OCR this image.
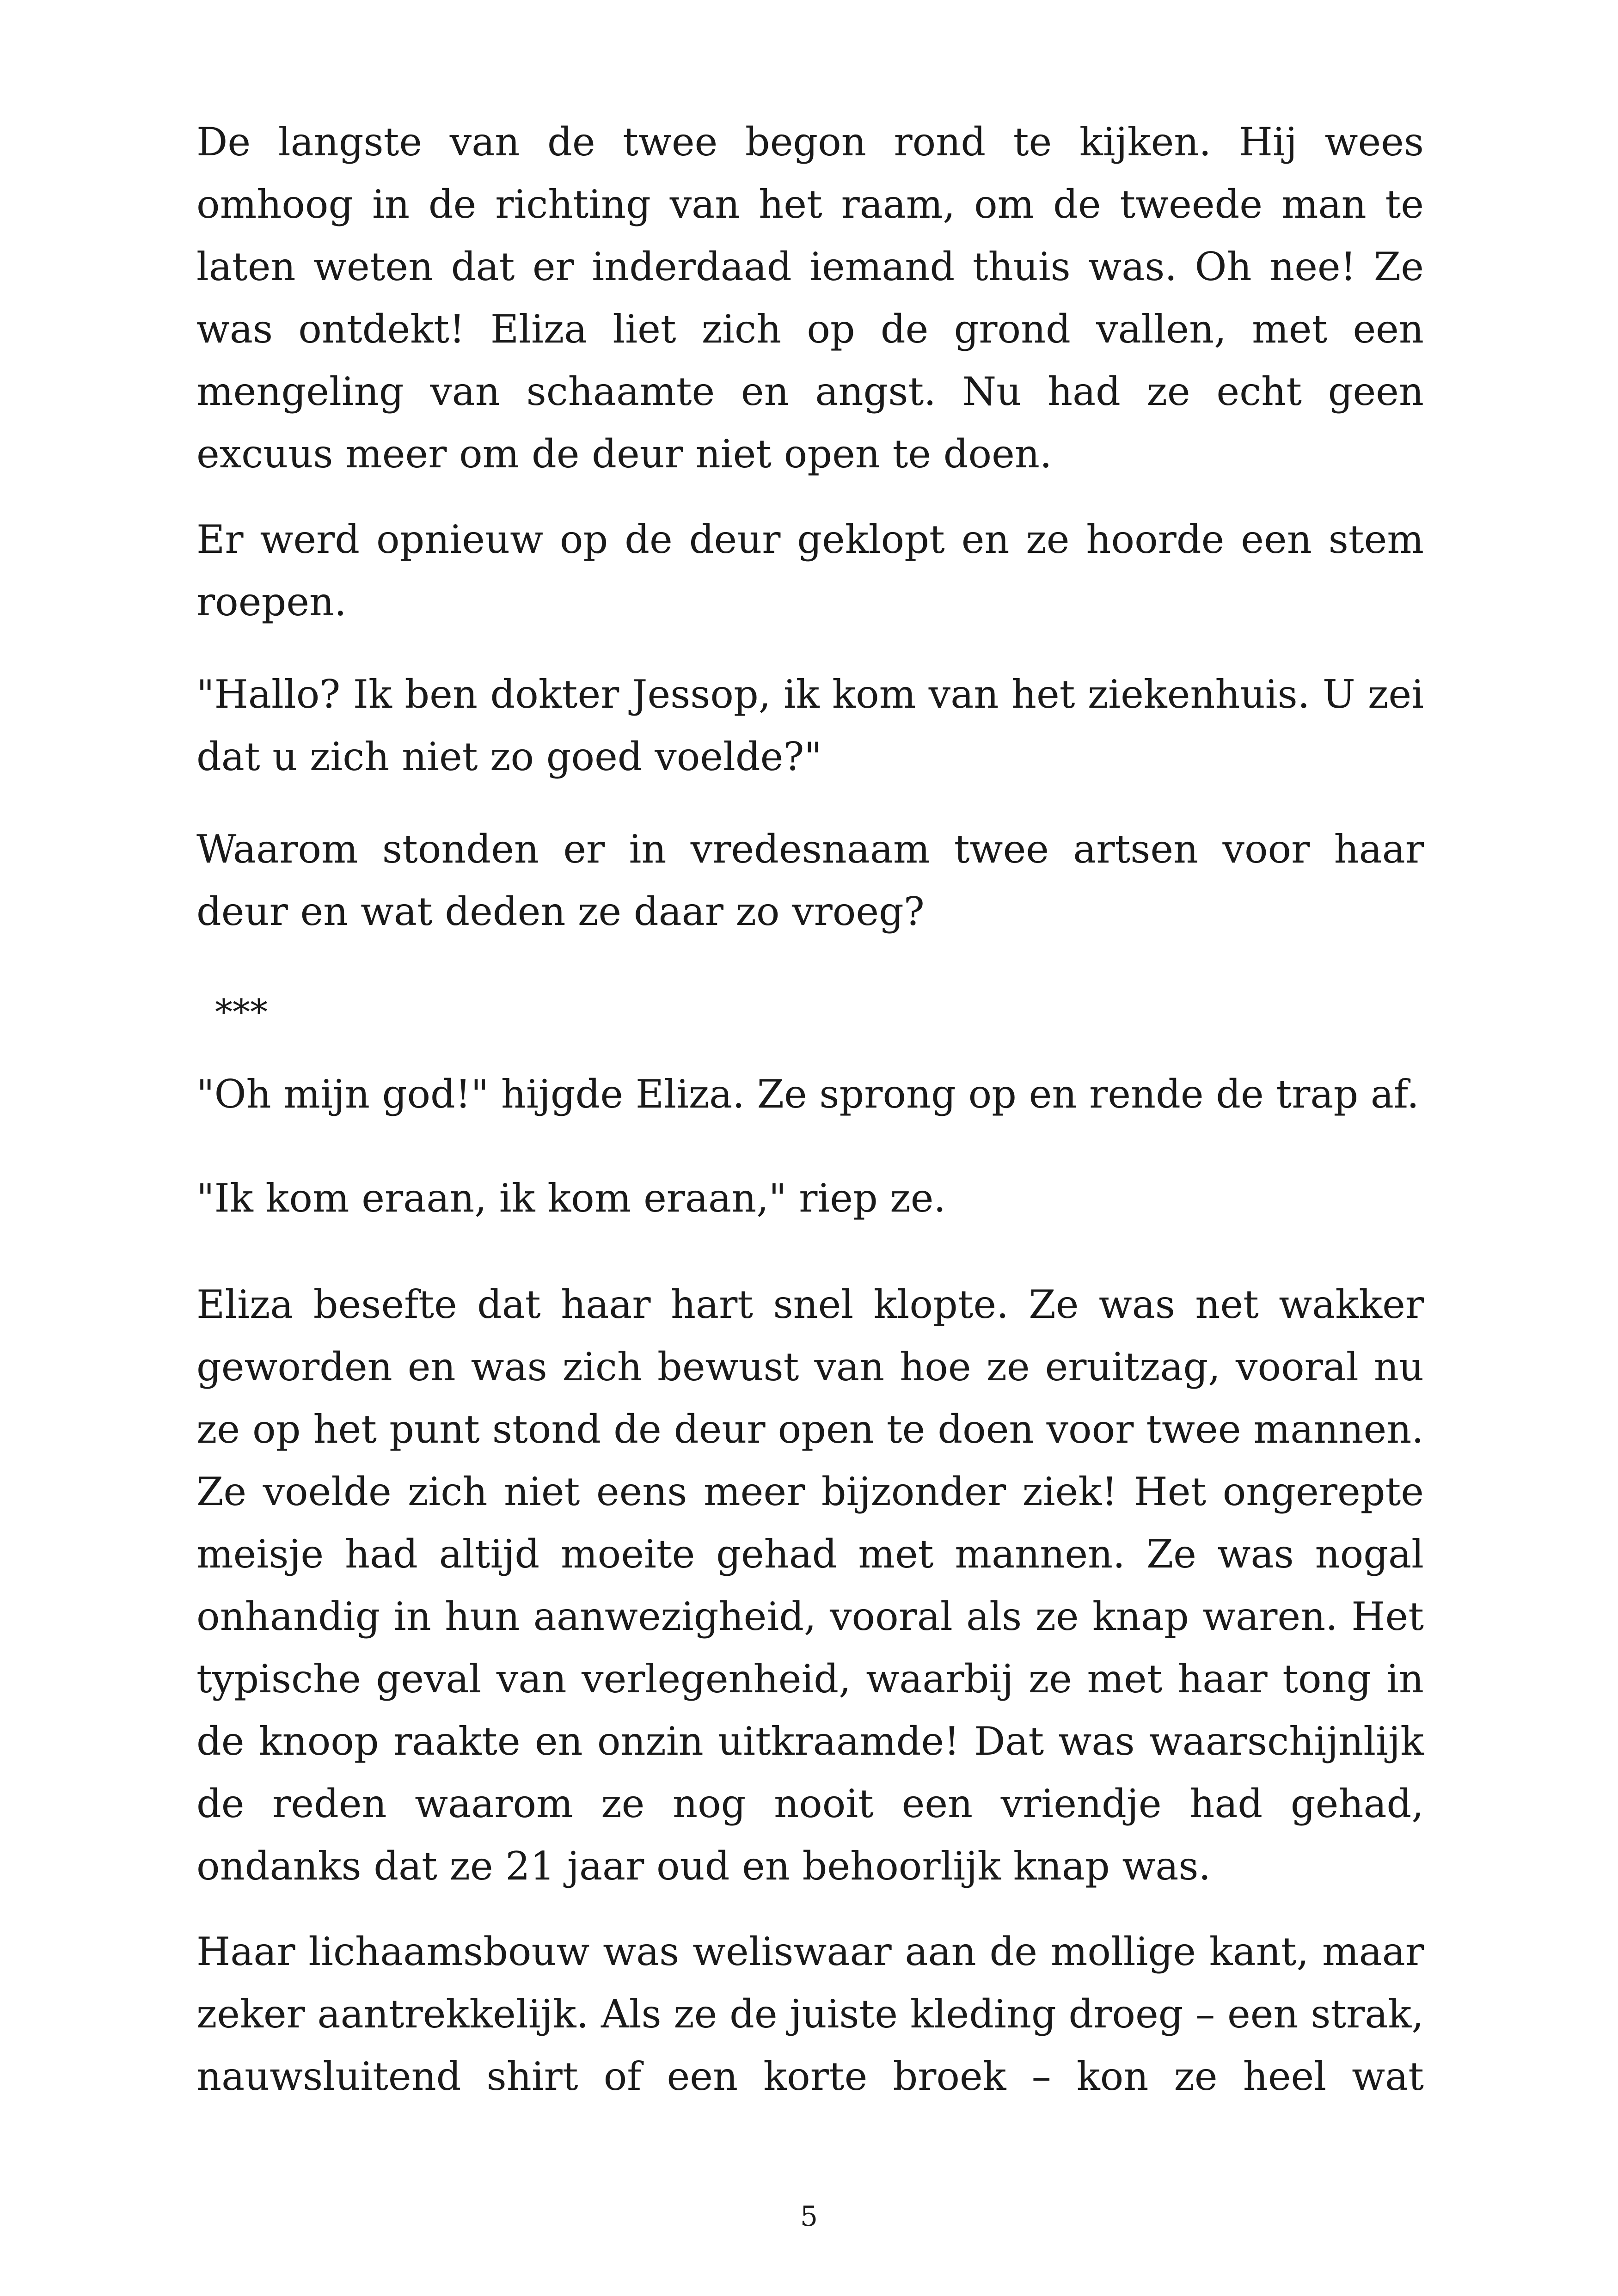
De langste van de twee begon rond te kijken. Hij wees omhoog in de richting van het raam, om de tweede man te laten weten dat er inderdaad iemand thuis was. Oh nee! Ze was ontdekt! Eliza liet zich op de grond vallen, met een mengeling van schaamte en angst. Nu had ze echt geen excuus meer om de deur niet open te doen.

Er werd opnieuw op de deur geklopt en ze hoorde een stem roepen.

"Hallo? Ik ben dokter Jessop, ik kom van het ziekenhuis. U zei dat u zich niet zo goed voelde?"

Waarom stonden er in vredesnaam twee artsen voor haar deur en wat deden ze daar zo vroeg?

***

"Oh mijn god!" hijgde Eliza. Ze sprong op en rende de trap af.

"Ik kom eraan, ik kom eraan," riep ze.

Eliza besefte dat haar hart snel klopte. Ze was net wakker geworden en was zich bewust van hoe ze eruitzag, vooral nu ze op het punt stond de deur open te doen voor twee mannen. Ze voelde zich niet eens meer bijzonder ziek! Het ongerepte meisje had altijd moeite gehad met mannen. Ze was nogal onhandig in hun aanwezigheid, vooral als ze knap waren. Het typische geval van verlegenheid, waarbij ze met haar tong in de knoop raakte en onzin uitkraamde! Dat was waarschijnlijk de reden waarom ze nog nooit een vriendje had gehad, ondanks dat ze 21 jaar oud en behoorlijk knap was.

Haar lichaamsbouw was weliswaar aan de mollige kant, maar zeker aantrekkelijk. Als ze de juiste kleding droeg – een strak, nauwsluitend shirt of een korte broek – kon ze heel wat

5
